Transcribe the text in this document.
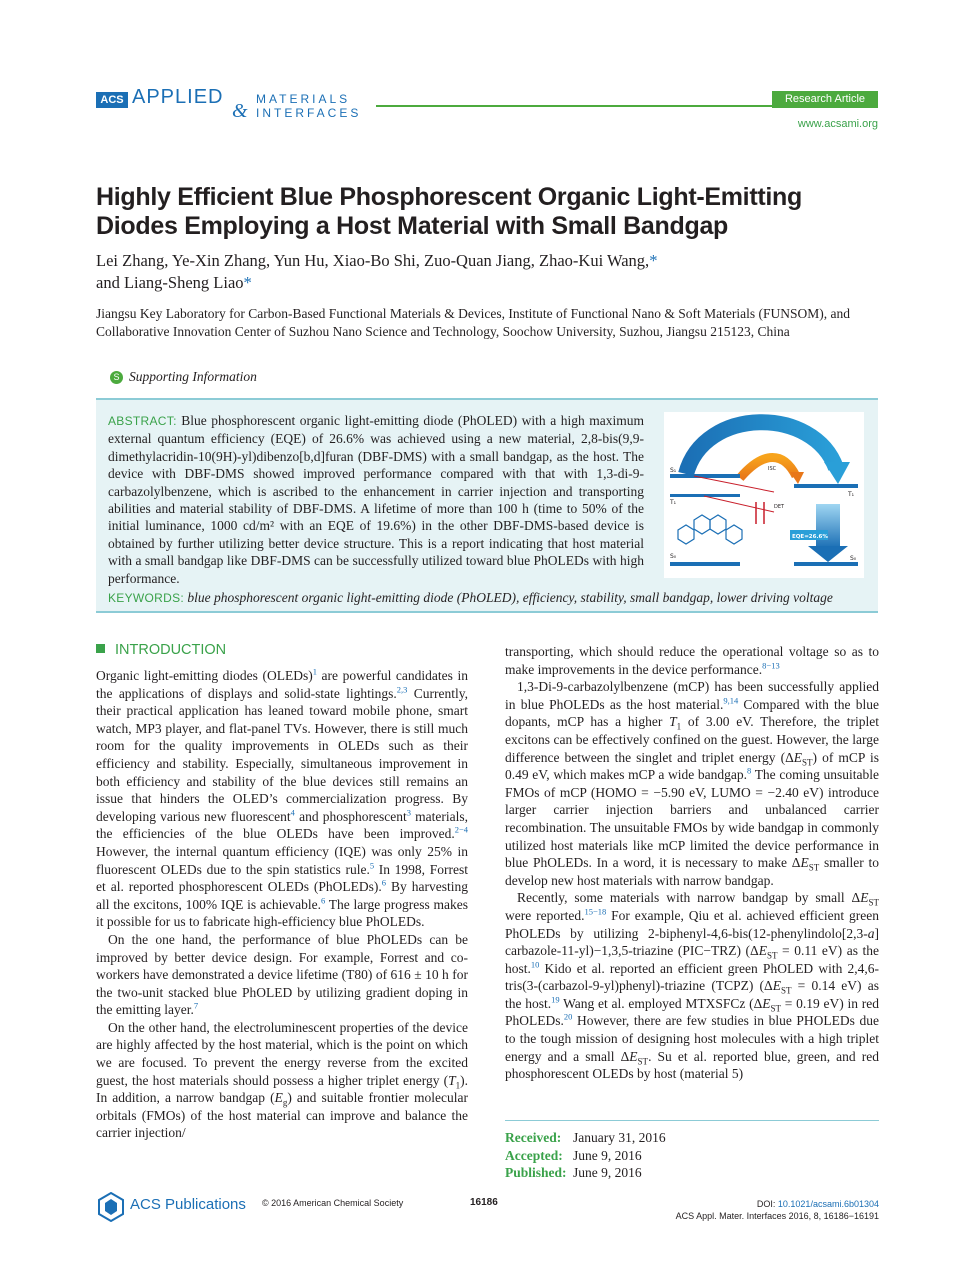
ACS APPLIED	MATERIALS
& INTERFACES
Research Article
www.acsami.org
Highly Efficient Blue Phosphorescent Organic Light-Emitting Diodes Employing a Host Material with Small Bandgap
Lei Zhang, Ye-Xin Zhang, Yun Hu, Xiao-Bo Shi, Zuo-Quan Jiang, Zhao-Kui Wang,*
and Liang-Sheng Liao*
Jiangsu Key Laboratory for Carbon-Based Functional Materials & Devices, Institute of Functional Nano & Soft Materials (FUNSOM), and Collaborative Innovation Center of Suzhou Nano Science and Technology, Soochow University, Suzhou, Jiangsu 215123, China
S Supporting Information
ABSTRACT: Blue phosphorescent organic light-emitting diode (PhOLED) with a high maximum external quantum efficiency (EQE) of 26.6% was achieved using a new material, 2,8-bis(9,9-dimethylacridin-10(9H)-yl)dibenzo[b,d]furan (DBF-DMS) with a small bandgap, as the host. The device with DBF-DMS showed improved performance compared with that with 1,3-di-9-carbazolylbenzene, which is ascribed to the enhancement in carrier injection and transporting abilities and material stability of DBF-DMS. A lifetime of more than 100 h (time to 50% of the initial luminance, 1000 cd/m² with an EQE of 19.6%) in the other DBF-DMS-based device is obtained by further utilizing better device structure. This is a report indicating that host material with a small bandgap like DBF-DMS can be successfully utilized toward blue PhOLEDs with high performance.
FET
ISC
S₁
T₁
T₁
S₀	S₀
DET
EQE=26.6%
KEYWORDS: blue phosphorescent organic light-emitting diode (PhOLED), efficiency, stability, small bandgap, lower driving voltage
INTRODUCTION

Organic light-emitting diodes (OLEDs)$^1$ are powerful candidates in the applications of displays and solid-state lightings.$^{2,3}$ Currently, their practical application has leaned toward mobile phone, smart watch, MP3 player, and flat-panel TVs. However, there is still much room for the quality improvements in OLEDs such as their efficiency and stability. Especially, simultaneous improvement in both efficiency and stability of the blue devices still remains an issue that hinders the OLED’s commercialization progress. By developing various new fluorescent$^4$ and phosphorescent$^3$ materials, the efficiencies of the blue OLEDs have been improved.$^{2-4}$ However, the internal quantum efficiency (IQE) was only 25% in fluorescent OLEDs due to the spin statistics rule.$^5$ In 1998, Forrest et al. reported phosphorescent OLEDs (PhOLEDs).$^6$ By harvesting all the excitons, 100% IQE is achievable.$^6$ The large progress makes it possible for us to fabricate high-efficiency blue PhOLEDs.

On the one hand, the performance of blue PhOLEDs can be improved by better device design. For example, Forrest and co-workers have demonstrated a device lifetime (T80) of 616 ± 10 h for the two-unit stacked blue PhOLED by utilizing gradient doping in the emitting layer.$^7$

On the other hand, the electroluminescent properties of the device are highly affected by the host material, which is the point on which we are focused. To prevent the energy reverse from the excited guest, the host materials should possess a higher triplet energy $(T_1)$. In addition, a narrow bandgap $(E_g)$ and suitable frontier molecular orbitals (FMOs) of the host material can improve and balance the carrier injection/

transporting, which should reduce the operational voltage so as to make improvements in the device performance.$^{8-13}$

1,3-Di-9-carbazolylbenzene (mCP) has been successfully applied in blue PhOLEDs as the host material.$^{9,14}$ Compared with the blue dopants, mCP has a higher $T_1$ of 3.00 eV. Therefore, the triplet excitons can be effectively confined on the guest. However, the large difference between the singlet and triplet energy $(\Delta E_{ST})$ of mCP is 0.49 eV, which makes mCP a wide bandgap.$^8$ The coming unsuitable FMOs of mCP (HOMO = −5.90 eV, LUMO = −2.40 eV) introduce larger carrier injection barriers and unbalanced carrier recombination. The unsuitable FMOs by wide bandgap in commonly utilized host materials like mCP limited the device performance in blue PhOLEDs. In a word, it is necessary to make $\Delta E_{ST}$ smaller to develop new host materials with narrow bandgap.

Recently, some materials with narrow bandgap by small $\Delta E_{ST}$ were reported.$^{15-18}$ For example, Qiu et al. achieved efficient green PhOLEDs by utilizing 2-biphenyl-4,6-bis(12-phenylindolo[2,3-a] carbazole-11-yl)−1,3,5-triazine (PIC−TRZ) ($\Delta E_{ST} = 0.11$ eV) as the host.$^{10}$ Kido et al. reported an efficient green PhOLED with 2,4,6-tris(3-(carbazol-9-yl)phenyl)-triazine (TCPZ) ($\Delta E_{ST} = 0.14$ eV) as the host.$^{19}$ Wang et al. employed MTXSFCz ($\Delta E_{ST} = 0.19$ eV) in red PhOLEDs.$^{20}$ However, there are few studies in blue PHOLEDs due to the tough mission of designing host molecules with a high triplet energy and a small $\Delta E_{ST}$. Su et al. reported blue, green, and red phosphorescent OLEDs by host (material 5)

Received: January 31, 2016
Accepted: June 9, 2016
Published: June 9, 2016
ACS Publications © 2016 American Chemical Society	16186	DOI: 10.1021/acsami.6b01304
ACS Appl. Mater. Interfaces 2016, 8, 16186−16191
